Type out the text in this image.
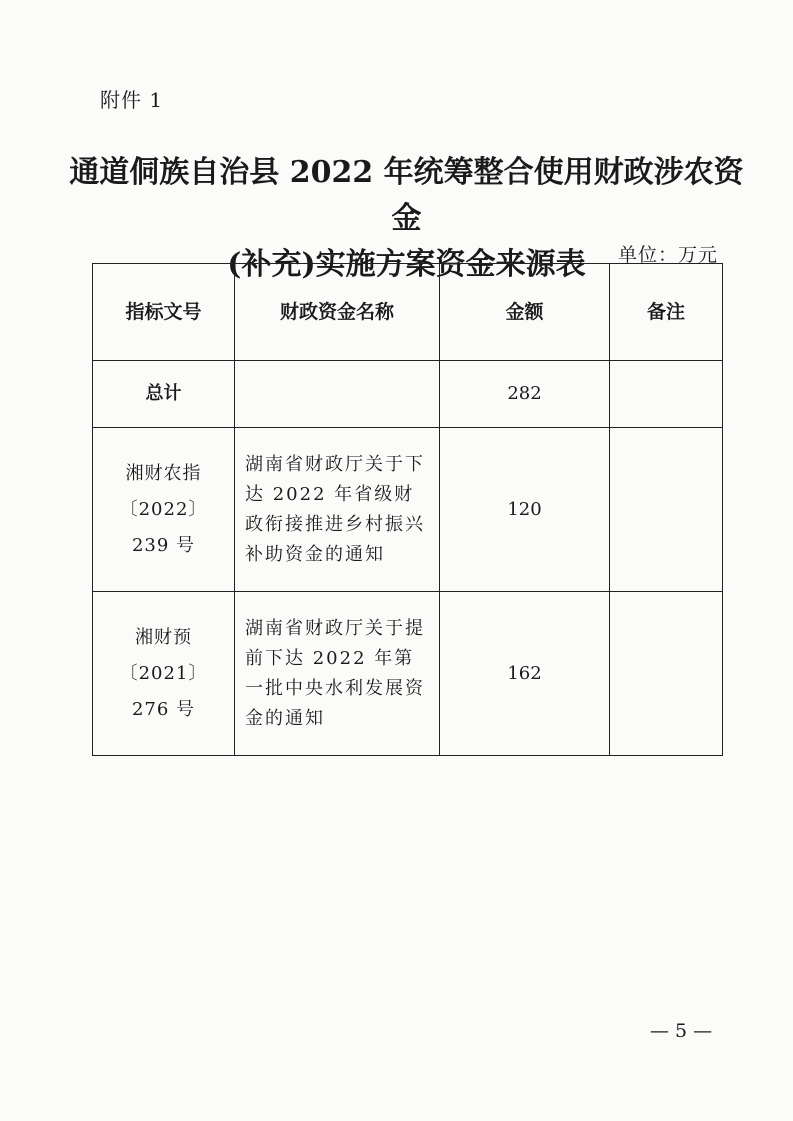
附件 1
通道侗族自治县 2022 年统筹整合使用财政涉农资金
(补充)实施方案资金来源表	单位：万元
指标文号	财政资金名称	金额	备注
总计		282	
湘财农指〔2022〕239 号	湖南省财政厅关于下达 2022 年省级财政衔接推进乡村振兴补助资金的通知	120	
湘财预〔2021〕276 号	湖南省财政厅关于提前下达 2022 年第一批中央水利发展资金的通知	162	
— 5 —
